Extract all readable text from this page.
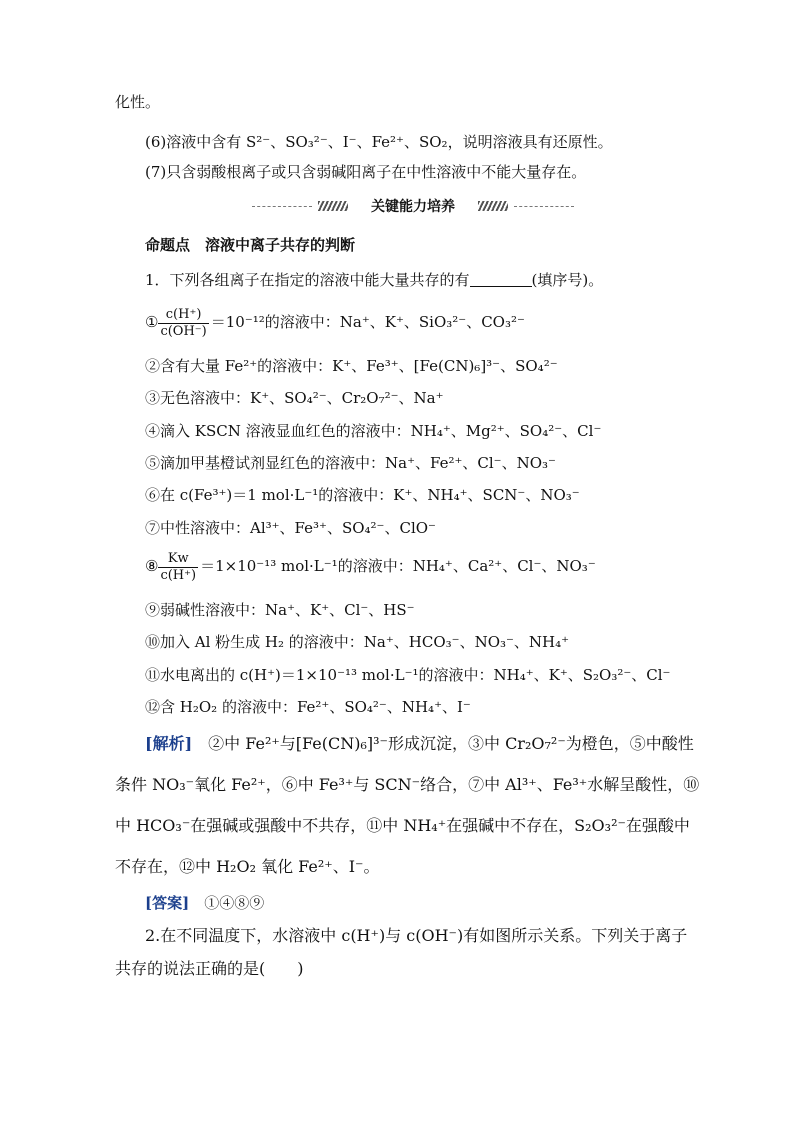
化性。
(6)溶液中含有 S²⁻、SO₃²⁻、I⁻、Fe²⁺、SO₂，说明溶液具有还原性。
(7)只含弱酸根离子或只含弱碱阳离子在中性溶液中不能大量存在。
关键能力培养
命题点　溶液中离子共存的判断
1．下列各组离子在指定的溶液中能大量共存的有	(填序号)。
① $\frac{c(H^+)}{c(OH^-)} =10^{-12}$的溶液中：Na⁺、K⁺、SiO₃²⁻、CO₃²⁻
②含有大量 Fe²⁺的溶液中：K⁺、Fe³⁺、[Fe(CN)₆]³⁻、SO₄²⁻
③无色溶液中：K⁺、SO₄²⁻、Cr₂O₇²⁻、Na⁺
④滴入 KSCN 溶液显血红色的溶液中：NH₄⁺、Mg²⁺、SO₄²⁻、Cl⁻
⑤滴加甲基橙试剂显红色的溶液中：Na⁺、Fe²⁺、Cl⁻、NO₃⁻
⑥在 c(Fe³⁺)＝1 mol·L⁻¹的溶液中：K⁺、NH₄⁺、SCN⁻、NO₃⁻
⑦中性溶液中：Al³⁺、Fe³⁺、SO₄²⁻、ClO⁻
⑧ $\frac{Kw}{c(H^+)} =1\times 10^{-13}$ mol·L⁻¹的溶液中：NH₄⁺、Ca²⁺、Cl⁻、NO₃⁻
⑨弱碱性溶液中：Na⁺、K⁺、Cl⁻、HS⁻
⑩加入 Al 粉生成 H₂ 的溶液中：Na⁺、HCO₃⁻、NO₃⁻、NH₄⁺
⑪水电离出的 c(H⁺)＝1×10⁻¹³ mol·L⁻¹的溶液中：NH₄⁺、K⁺、S₂O₃²⁻、Cl⁻
⑫含 H₂O₂ 的溶液中：Fe²⁺、SO₄²⁻、NH₄⁺、I⁻
[解析]　②中 Fe²⁺与[Fe(CN)₆]³⁻形成沉淀，③中 Cr₂O₇²⁻为橙色，⑤中酸性
条件 NO₃⁻氧化 Fe²⁺，⑥中 Fe³⁺与 SCN⁻络合，⑦中 Al³⁺、Fe³⁺水解呈酸性，⑩
中 HCO₃⁻在强碱或强酸中不共存，⑪中 NH₄⁺在强碱中不存在，S₂O₃²⁻在强酸中
不存在，⑫中 H₂O₂ 氧化 Fe²⁺、I⁻。
[答案]　①④⑧⑨
2.在不同温度下，水溶液中 c(H⁺)与 c(OH⁻)有如图所示关系。下列关于离子
共存的说法正确的是(　　)
